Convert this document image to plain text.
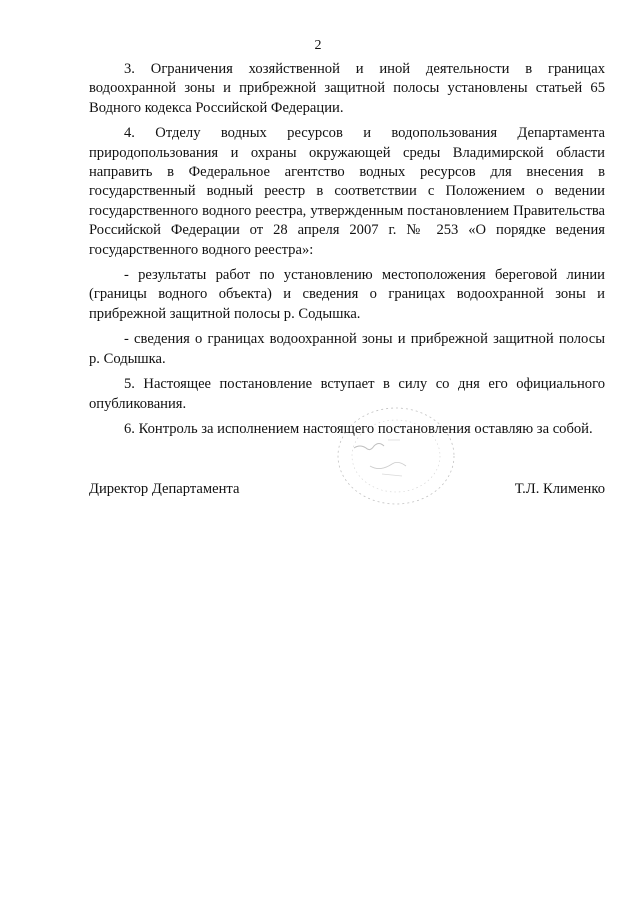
2

3. Ограничения хозяйственной и иной деятельности в границах водоохранной зоны и прибрежной защитной полосы установлены статьей 65 Водного кодекса Российской Федерации.

4. Отделу водных ресурсов и водопользования Департамента природопользования и охраны окружающей среды Владимирской области направить в Федеральное агентство водных ресурсов для внесения в государственный водный реестр в соответствии с Положением о ведении государственного водного реестра, утвержденным постановлением Правительства Российской Федерации от 28 апреля 2007 г. № 253 «О порядке ведения государственного водного реестра»:

- результаты работ по установлению местоположения береговой линии (границы водного объекта) и сведения о границах водоохранной зоны и прибрежной защитной полосы р. Содышка.

- сведения о границах водоохранной зоны и прибрежной защитной полосы р. Содышка.

5. Настоящее постановление вступает в силу со дня его официального опубликования.

6. Контроль за исполнением настоящего постановления оставляю за собой.

Директор Департамента	Т.Л. Клименко
